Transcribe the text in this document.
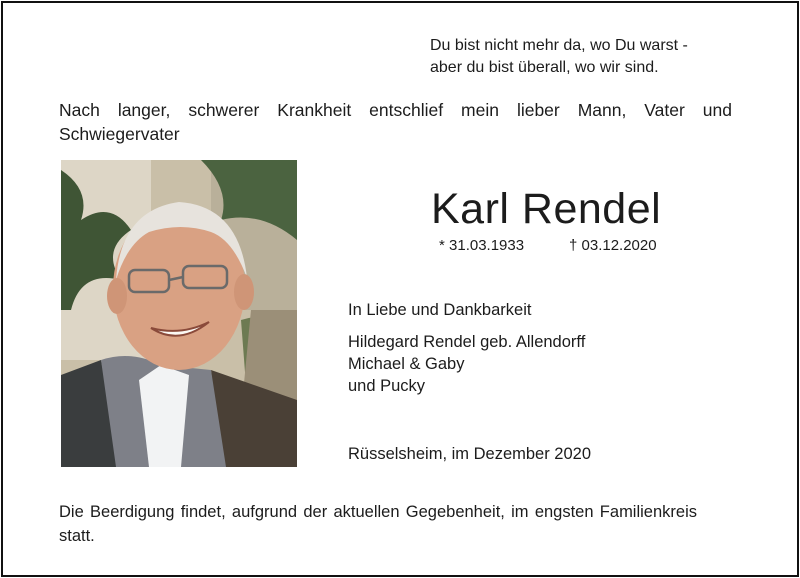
Du bist nicht mehr da, wo Du warst -
aber du bist überall, wo wir sind.
Nach langer, schwerer Krankheit entschlief mein lieber Mann, Vater und Schwiegervater
Karl Rendel
* 31.03.1933	† 03.12.2020
In Liebe und Dankbarkeit
Hildegard Rendel geb. Allendorff
Michael & Gaby
und Pucky
Rüsselsheim, im Dezember 2020
Die Beerdigung findet, aufgrund der aktuellen Gegebenheit, im engsten Familienkreis statt.
